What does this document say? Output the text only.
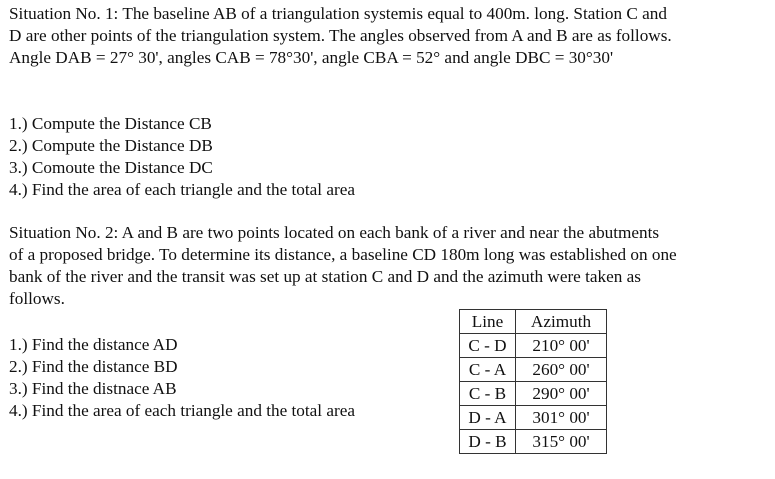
Situation No. 1: The baseline AB of a triangulation systemis equal to 400m. long. Station C and
D are other points of the triangulation system. The angles observed from A and B are as follows.
Angle DAB = 27° 30', angles CAB = 78°30', angle CBA = 52° and angle DBC = 30°30'

1.) Compute the Distance CB
2.) Compute the Distance DB
3.) Comoute the Distance DC
4.) Find the area of each triangle and the total area

Situation No. 2: A and B are two points located on each bank of a river and near the abutments
of a proposed bridge. To determine its distance, a baseline CD 180m long was established on one
bank of the river and the transit was set up at station C and D and the azimuth were taken as
follows.

1.) Find the distance AD
2.) Find the distance BD
3.) Find the distnace AB
4.) Find the area of each triangle and the total area
Line	Azimuth
C - D	210° 00'
C - A	260° 00'
C - B	290° 00'
D - A	301° 00'
D - B	315° 00'
